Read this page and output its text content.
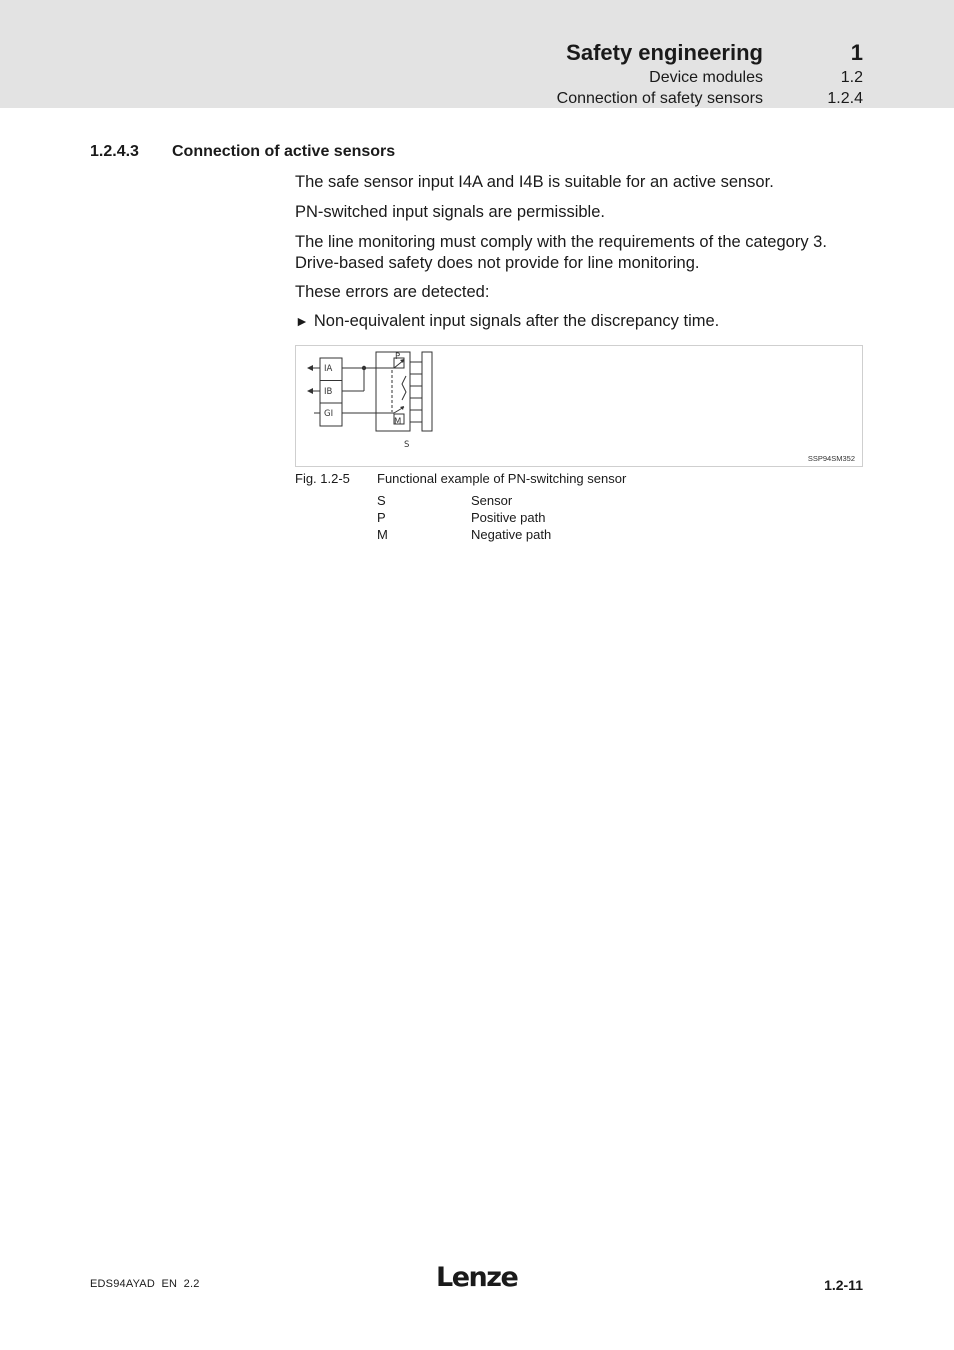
Safety engineering	1
Device modules	1.2
Connection of safety sensors	1.2.4
1.2.4.3 Connection of active sensors
The safe sensor input I4A and I4B is suitable for an active sensor.
PN-switched input signals are permissible.
The line monitoring must comply with the requirements of the category 3.
Drive-based safety does not provide for line monitoring.
These errors are detected:
► Non-equivalent input signals after the discrepancy time.
IA
IB
GI
P
M
S
SSP94SM352
Fig. 1.2-5 Functional example of PN-switching sensor
S	Sensor
P	Positive path
M	Negative path
EDS94AYAD  EN  2.2	Lenze	1.2-11
